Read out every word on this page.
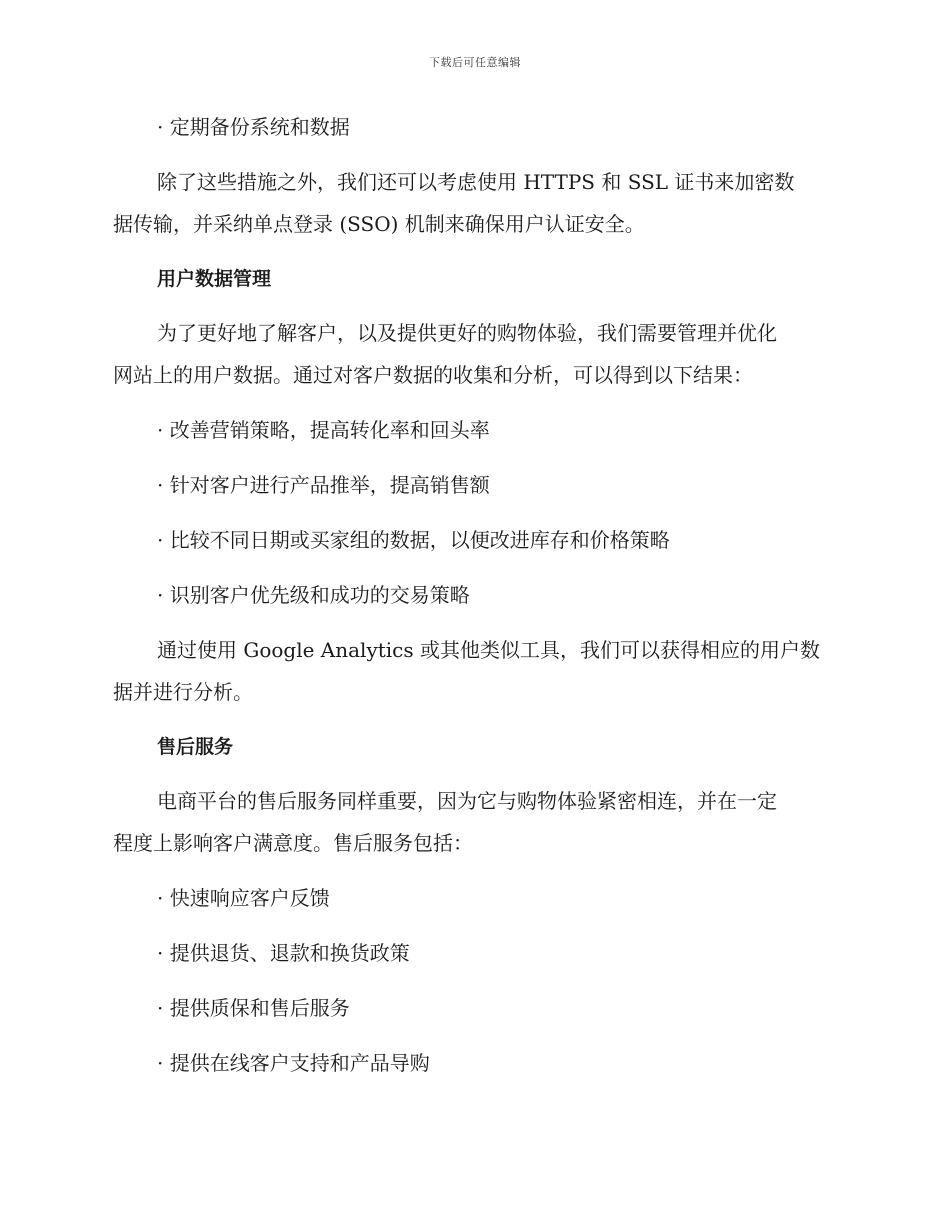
下载后可任意编辑
· 定期备份系统和数据
除了这些措施之外，我们还可以考虑使用 HTTPS 和 SSL 证书来加密数
据传输，并采纳单点登录 (SSO) 机制来确保用户认证安全。
用户数据管理
为了更好地了解客户，以及提供更好的购物体验，我们需要管理并优化
网站上的用户数据。通过对客户数据的收集和分析，可以得到以下结果：
· 改善营销策略，提高转化率和回头率
· 针对客户进行产品推举，提高销售额
· 比较不同日期或买家组的数据，以便改进库存和价格策略
· 识别客户优先级和成功的交易策略
通过使用 Google Analytics 或其他类似工具，我们可以获得相应的用户数
据并进行分析。
售后服务
电商平台的售后服务同样重要，因为它与购物体验紧密相连，并在一定
程度上影响客户满意度。售后服务包括：
· 快速响应客户反馈
· 提供退货、退款和换货政策
· 提供质保和售后服务
· 提供在线客户支持和产品导购
